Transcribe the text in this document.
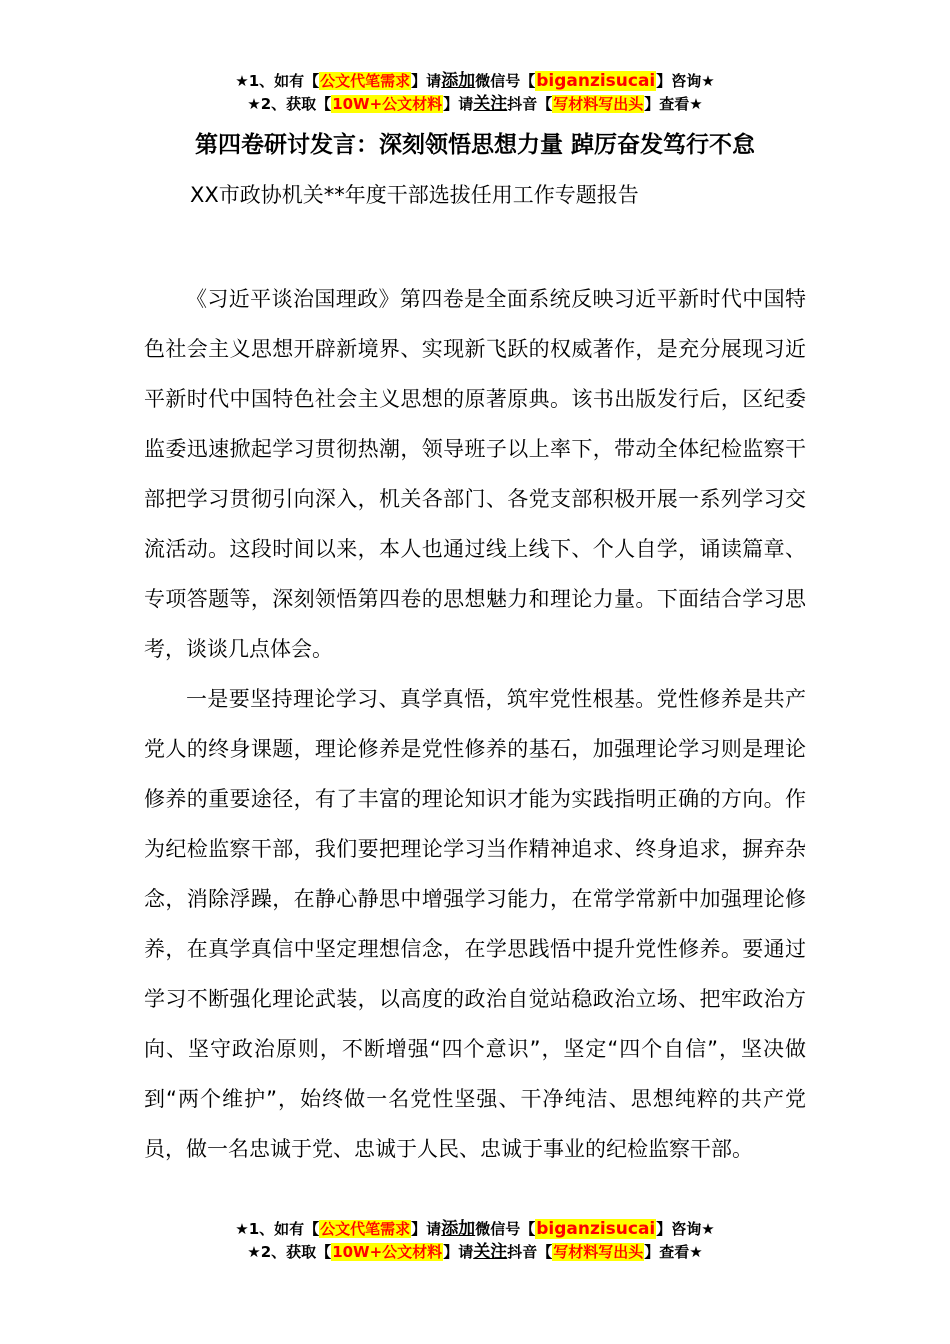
★1、如有【公文代笔需求】请添加微信号【biganzisucai】咨询★
★2、获取【10W+公文材料】请关注抖音【写材料写出头】查看★
第四卷研讨发言：深刻领悟思想力量 踔厉奋发笃行不怠
XX市政协机关**年度干部选拔任用工作专题报告

《习近平谈治国理政》第四卷是全面系统反映习近平新时代中国特色社会主义思想开辟新境界、实现新飞跃的权威著作，是充分展现习近平新时代中国特色社会主义思想的原著原典。该书出版发行后，区纪委监委迅速掀起学习贯彻热潮，领导班子以上率下，带动全体纪检监察干部把学习贯彻引向深入，机关各部门、各党支部积极开展一系列学习交流活动。这段时间以来，本人也通过线上线下、个人自学，诵读篇章、专项答题等，深刻领悟第四卷的思想魅力和理论力量。下面结合学习思考，谈谈几点体会。

一是要坚持理论学习、真学真悟，筑牢党性根基。党性修养是共产党人的终身课题，理论修养是党性修养的基石，加强理论学习则是理论修养的重要途径，有了丰富的理论知识才能为实践指明正确的方向。作为纪检监察干部，我们要把理论学习当作精神追求、终身追求，摒弃杂念，消除浮躁，在静心静思中增强学习能力，在常学常新中加强理论修养，在真学真信中坚定理想信念，在学思践悟中提升党性修养。要通过学习不断强化理论武装，以高度的政治自觉站稳政治立场、把牢政治方向、坚守政治原则，不断增强“四个意识”，坚定“四个自信”，坚决做到“两个维护”，始终做一名党性坚强、干净纯洁、思想纯粹的共产党员，做一名忠诚于党、忠诚于人民、忠诚于事业的纪检监察干部。

★1、如有【公文代笔需求】请添加微信号【biganzisucai】咨询★
★2、获取【10W+公文材料】请关注抖音【写材料写出头】查看★
